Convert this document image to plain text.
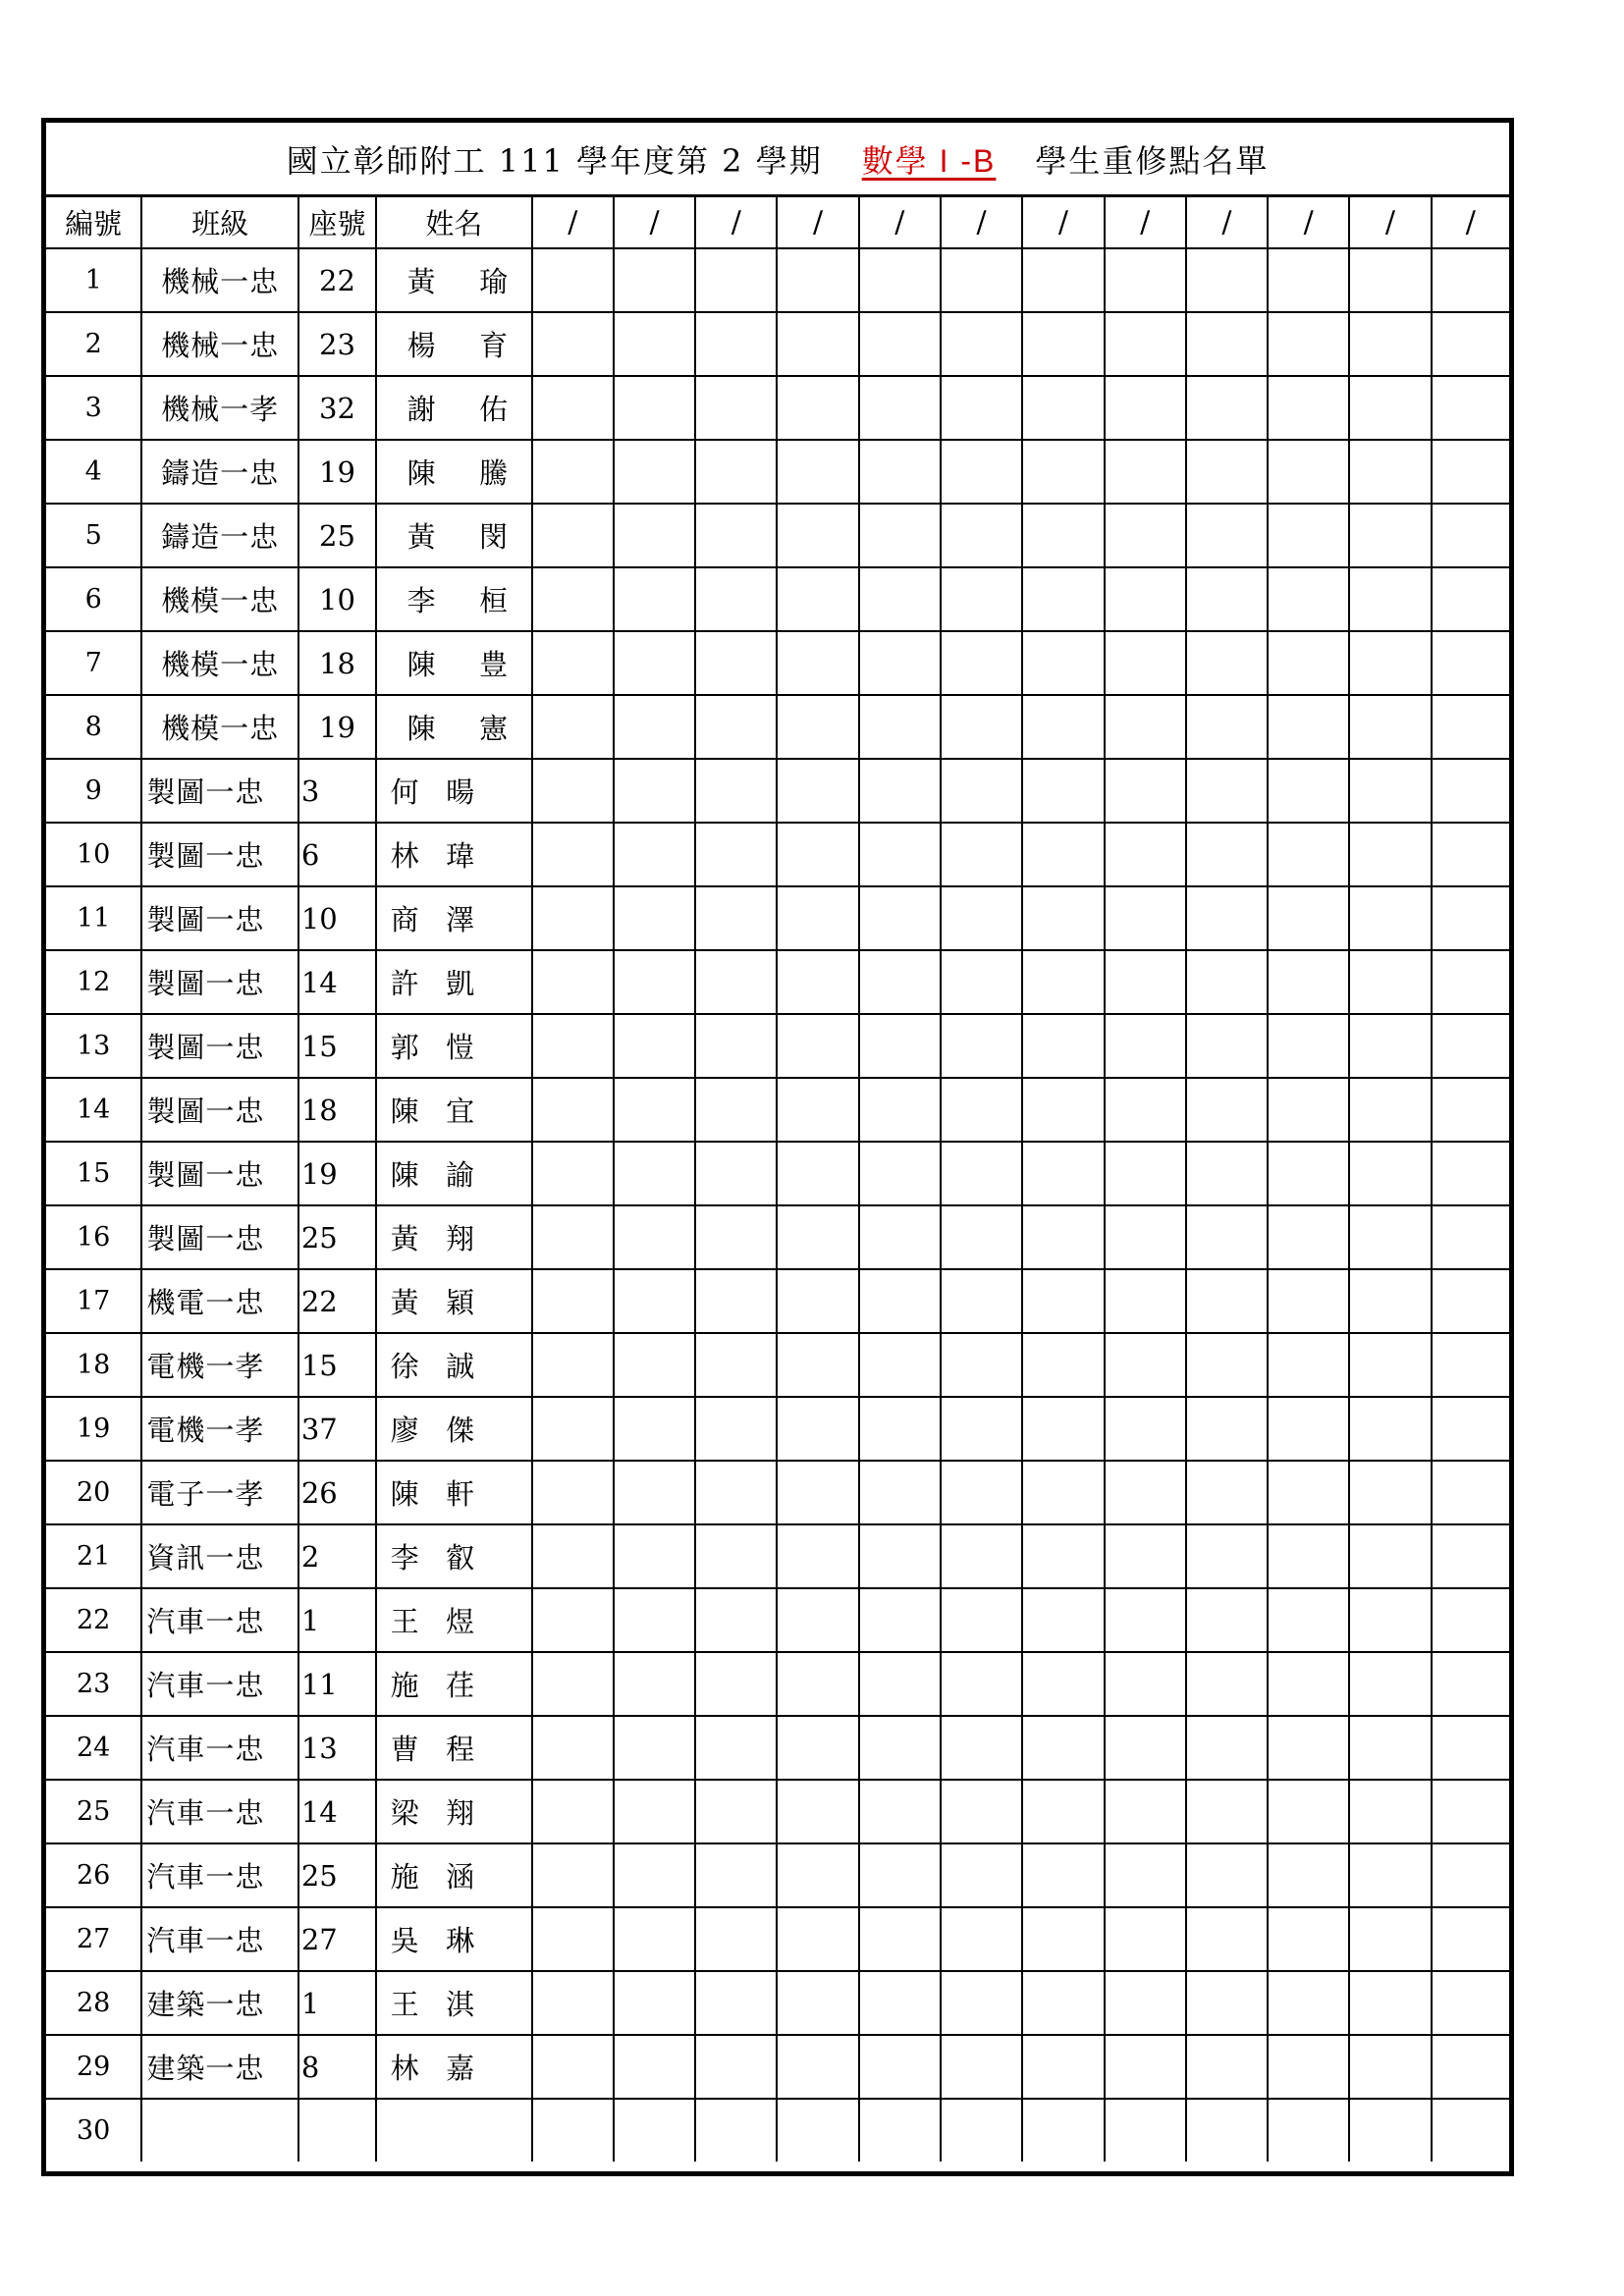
國立彰師附工 111 學年度第 2 學期 數學 I -B 學生重修點名單
編號	班級	座號	姓名	/	/	/	/	/	/	/	/	/	/	/	/
1	機械一忠	22	黃 瑜												

2	機械一忠	23	楊 育												

3	機械一孝	32	謝 佑												

4	鑄造一忠	19	陳 騰												

5	鑄造一忠	25	黃 閔												

6	機模一忠	10	李 桓												

7	機模一忠	18	陳 豊												

8	機模一忠	19	陳 憲												

9	製圖一忠	3	何 暘												

10	製圖一忠	6	林 瑋												

11	製圖一忠	10	商 澤												

12	製圖一忠	14	許 凱												

13	製圖一忠	15	郭 愷												

14	製圖一忠	18	陳 宜												

15	製圖一忠	19	陳 諭												

16	製圖一忠	25	黃 翔												

17	機電一忠	22	黃 穎												

18	電機一孝	15	徐 誠												

19	電機一孝	37	廖 傑												

20	電子一孝	26	陳 軒												

21	資訊一忠	2	李 叡												

22	汽車一忠	1	王 煜												

23	汽車一忠	11	施 荏												

24	汽車一忠	13	曹 程												

25	汽車一忠	14	梁 翔												

26	汽車一忠	25	施 涵												

27	汽車一忠	27	吳 琳												

28	建築一忠	1	王 淇												

29	建築一忠	8	林 嘉												

30			
